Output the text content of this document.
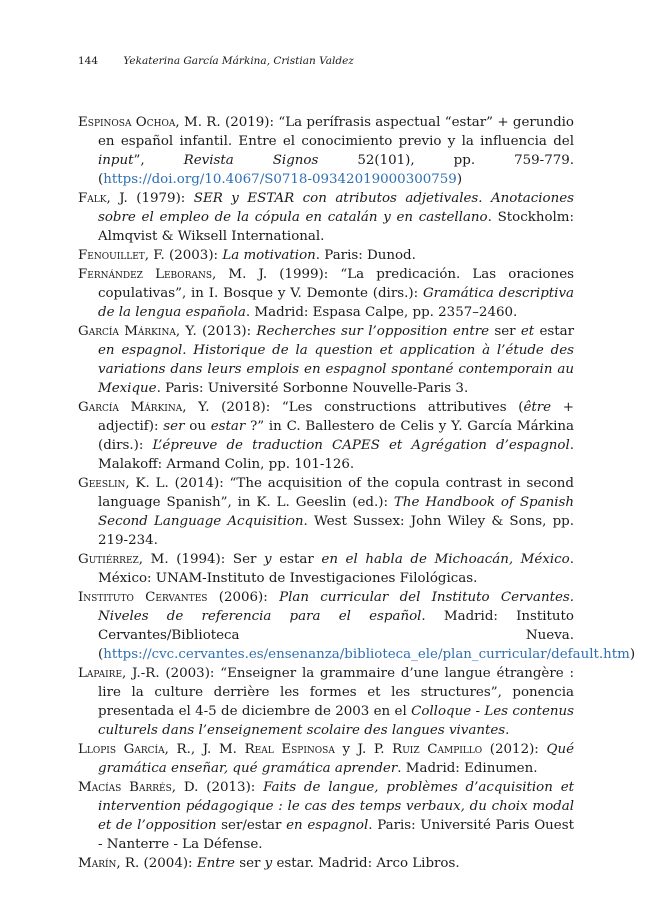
144 Yekaterina García Márkina, Cristian Valdez

Espinosa Ochoa, M. R. (2019): “La perífrasis aspectual “estar” + gerundio en español infantil. Entre el conocimiento previo y la influencia del input”, Revista Signos 52(101), pp. 759-779. (https://doi.org/10.4067/S0718-09342019000300759)

Falk, J. (1979): SER y ESTAR con atributos adjetivales. Anotaciones sobre el empleo de la cópula en catalán y en castellano. Stockholm: Almqvist & Wiksell International.

Fenouillet, F. (2003): La motivation. Paris: Dunod.

Fernández Leborans, M. J. (1999): “La predicación. Las oraciones copulativas”, in I. Bosque y V. Demonte (dirs.): Gramática descriptiva de la lengua española. Madrid: Espasa Calpe, pp. 2357–2460.

García Márkina, Y. (2013): Recherches sur l’opposition entre ser et estar en espagnol. Historique de la question et application à l’étude des variations dans leurs emplois en espagnol spontané contemporain au Mexique. Paris: Université Sorbonne Nouvelle-Paris 3.

García Márkina, Y. (2018): “Les constructions attributives (être + adjectif): ser ou estar ?” in C. Ballestero de Celis y Y. García Márkina (dirs.): L’épreuve de traduction CAPES et Agrégation d’espagnol. Malakoff: Armand Colin, pp. 101-126.

Geeslin, K. L. (2014): “The acquisition of the copula contrast in second language Spanish”, in K. L. Geeslin (ed.): The Handbook of Spanish Second Language Acquisition. West Sussex: John Wiley & Sons, pp. 219-234.

Gutiérrez, M. (1994): Ser y estar en el habla de Michoacán, México. México: UNAM-Instituto de Investigaciones Filológicas.

Instituto Cervantes (2006): Plan curricular del Instituto Cervantes. Niveles de referencia para el español. Madrid: Instituto Cervantes/Biblioteca Nueva. (https://cvc.cervantes.es/ensenanza/biblioteca_ele/plan_curricular/default.htm)

Lapaire, J.-R. (2003): “Enseigner la grammaire d’une langue étrangère : lire la culture derrière les formes et les structures”, ponencia presentada el 4-5 de diciembre de 2003 en el Colloque - Les contenus culturels dans l’enseignement scolaire des langues vivantes.

Llopis García, R., J. M. Real Espinosa y J. P. Ruiz Campillo (2012): Qué gramática enseñar, qué gramática aprender. Madrid: Edinumen.

Macías Barrés, D. (2013): Faits de langue, problèmes d’acquisition et intervention pédagogique : le cas des temps verbaux, du choix modal et de l’opposition ser/estar en espagnol. Paris: Université Paris Ouest - Nanterre - La Défense.

Marín, R. (2004): Entre ser y estar. Madrid: Arco Libros.
